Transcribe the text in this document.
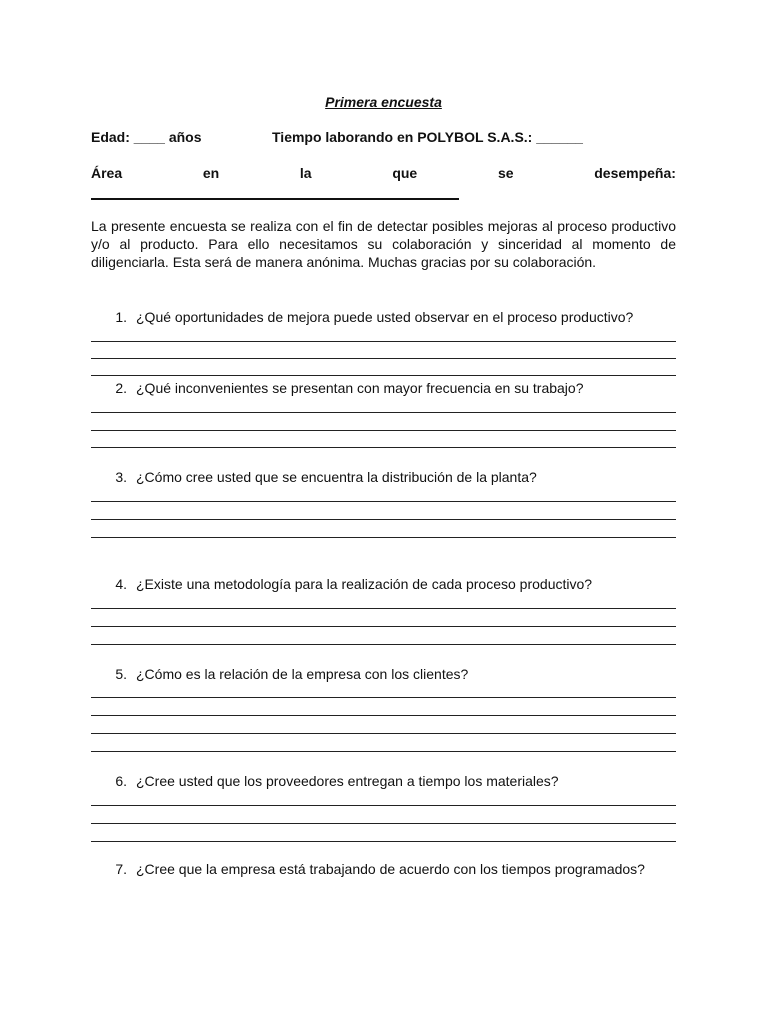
Primera encuesta
Edad: ____ años	Tiempo laborando en POLYBOL S.A.S.: ______
Área	en	la	que	se	desempeña:
La presente encuesta se realiza con el fin de detectar posibles mejoras al proceso productivo y/o al producto. Para ello necesitamos su colaboración y sinceridad al momento de diligenciarla. Esta será de manera anónima. Muchas gracias por su colaboración.
1. ¿Qué oportunidades de mejora puede usted observar en el proceso productivo?
2. ¿Qué inconvenientes se presentan con mayor frecuencia en su trabajo?
3. ¿Cómo cree usted que se encuentra la distribución de la planta?
4. ¿Existe una metodología para la realización de cada proceso productivo?
5. ¿Cómo es la relación de la empresa con los clientes?
6. ¿Cree usted que los proveedores entregan a tiempo los materiales?
7. ¿Cree que la empresa está trabajando de acuerdo con los tiempos programados?
